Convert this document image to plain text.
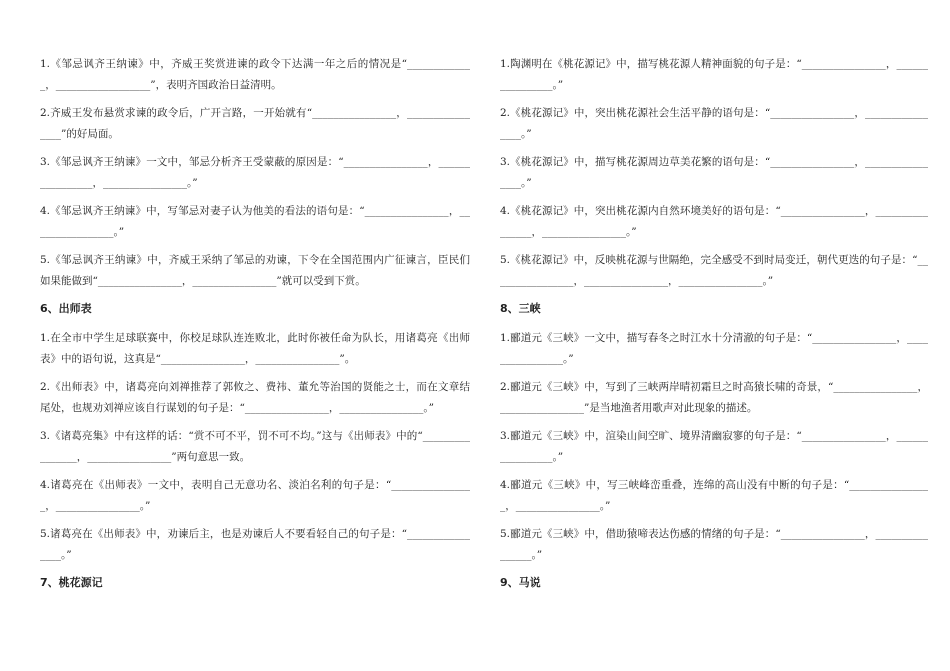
1.《邹忌讽齐王纳谏》中，齐威王奖赏进谏的政令下达满一年之后的情况是“_____________，__________________”，表明齐国政治日益清明。

2.齐威王发布悬赏求谏的政令后，广开言路，一开始就有“________________，________________”的好局面。

3.《邹忌讽齐王纳谏》一文中，邹忌分析齐王受蒙蔽的原因是：“________________，________________，________________。”

4.《邹忌讽齐王纳谏》中，写邹忌对妻子认为他美的看法的语句是：“________________，________________。”

5.《邹忌讽齐王纳谏》中，齐威王采纳了邹忌的劝谏，下令在全国范围内广征谏言，臣民们如果能做到“________________，________________”就可以受到下赏。

6、出师表

1.在全市中学生足球联赛中，你校足球队连连败北，此时你被任命为队长，用诸葛亮《出师表》中的语句说，这真是“________________，________________”。

2.《出师表》中，诸葛亮向刘禅推荐了郭攸之、费祎、董允等治国的贤能之士，而在文章结尾处，也规劝刘禅应该自行谋划的句子是：“________________，________________。”

3.《诸葛亮集》中有这样的话：“赏不可不平，罚不可不均。”这与《出师表》中的“________________，________________”两句意思一致。

4.诸葛亮在《出师表》一文中，表明自己无意功名、淡泊名利的句子是：“________________，________________。”

5.诸葛亮在《出师表》中，劝谏后主，也是劝谏后人不要看轻自己的句子是：“________________。”

7、桃花源记

1.陶渊明在《桃花源记》中，描写桃花源人精神面貌的句子是：“________________，________________。”

2.《桃花源记》中，突出桃花源社会生活平静的语句是：“________________，________________。”

3.《桃花源记》中，描写桃花源周边草美花繁的语句是：“________________，________________。”

4.《桃花源记》中，突出桃花源内自然环境美好的语句是：“________________，________________，________________。”

5.《桃花源记》中，反映桃花源与世隔绝，完全感受不到时局变迁，朝代更迭的句子是：“________________，________________，________________。”

8、三峡

1.郦道元《三峡》一文中，描写春冬之时江水十分清澈的句子是：“________________，________________。”

2.郦道元《三峡》中，写到了三峡两岸晴初霜旦之时高猿长啸的奇景，“________________，________________”是当地渔者用歌声对此现象的描述。

3.郦道元《三峡》中，渲染山间空旷、境界清幽寂寥的句子是：“________________，________________。”

4.郦道元《三峡》中，写三峡峰峦重叠，连绵的高山没有中断的句子是：“________________，________________。”

5.郦道元《三峡》中，借助猿啼表达伤感的情绪的句子是：“________________，________________。”

9、马说
